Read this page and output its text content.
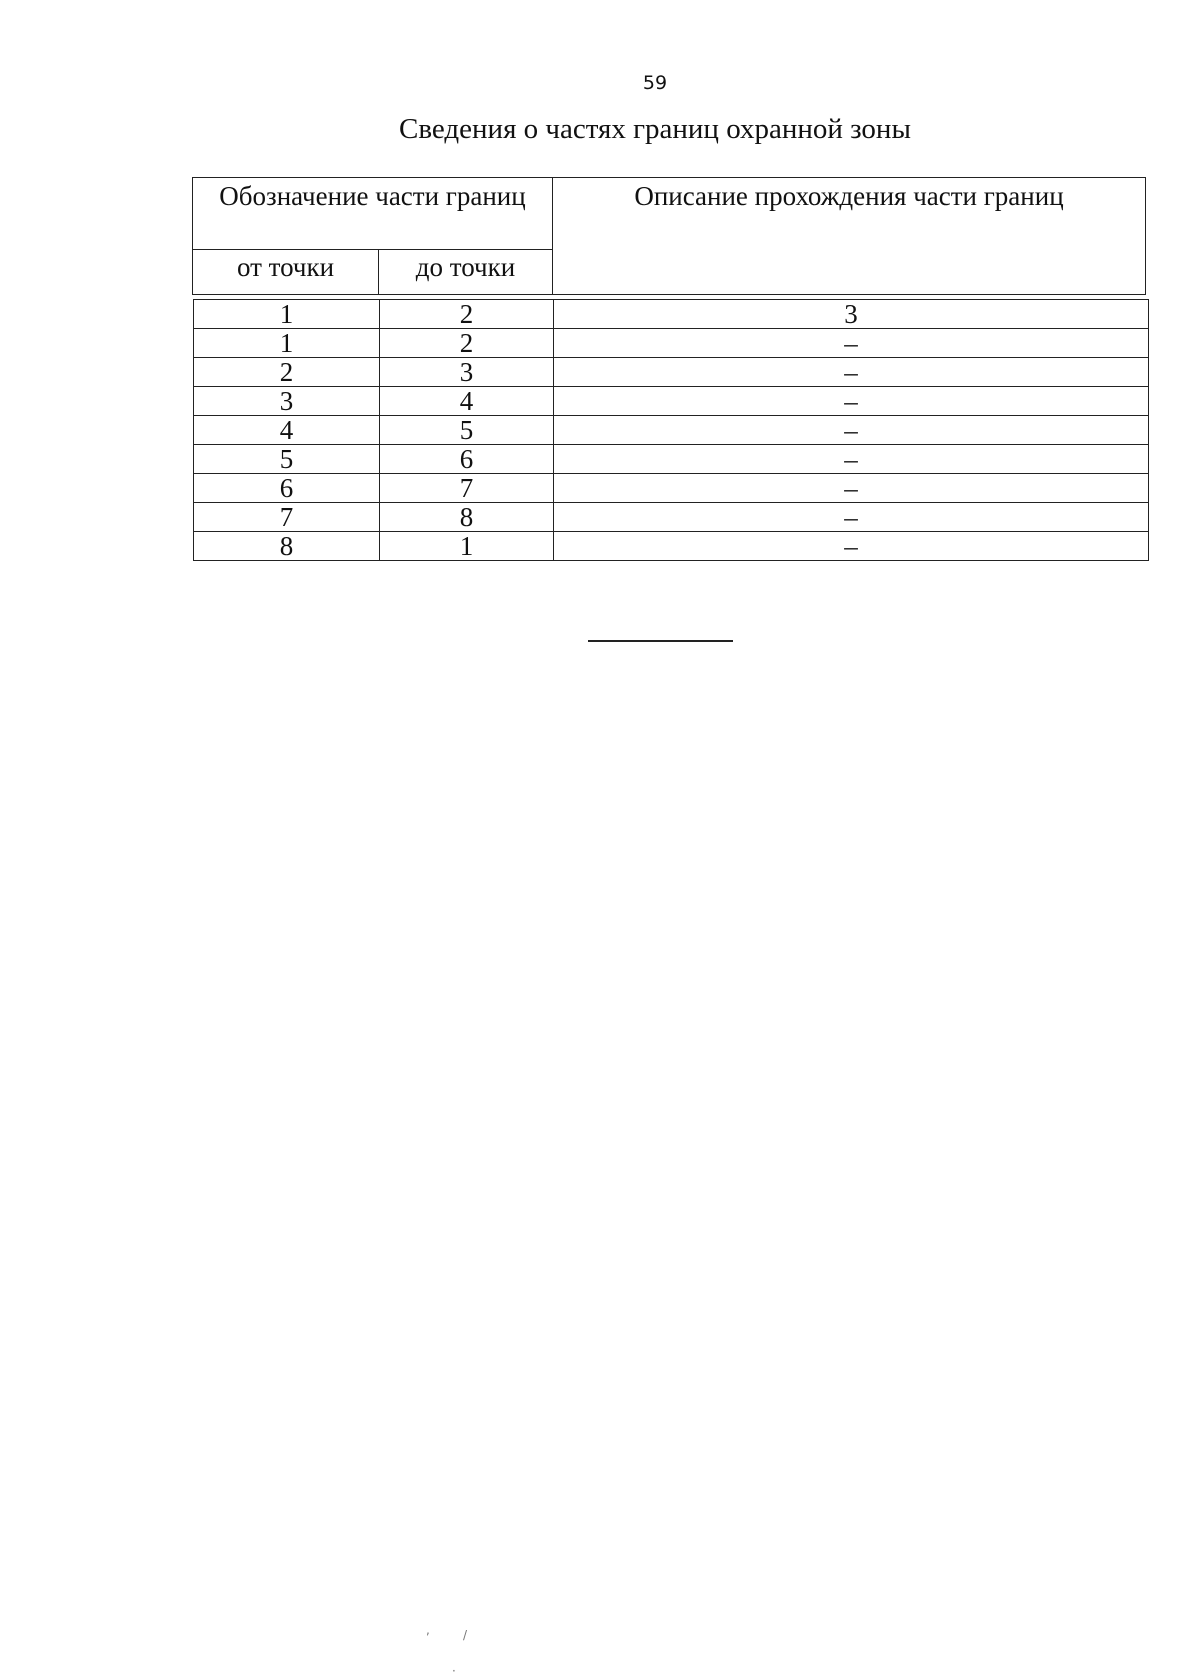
59
Сведения о частях границ охранной зоны
Обозначение части границ	Описание прохождения части границ
от точки	до точки
1	2	3
1	2	–
2	3	–
3	4	–
4	5	–
5	6	–
6	7	–
7	8	–
8	1	–
,	/
·
